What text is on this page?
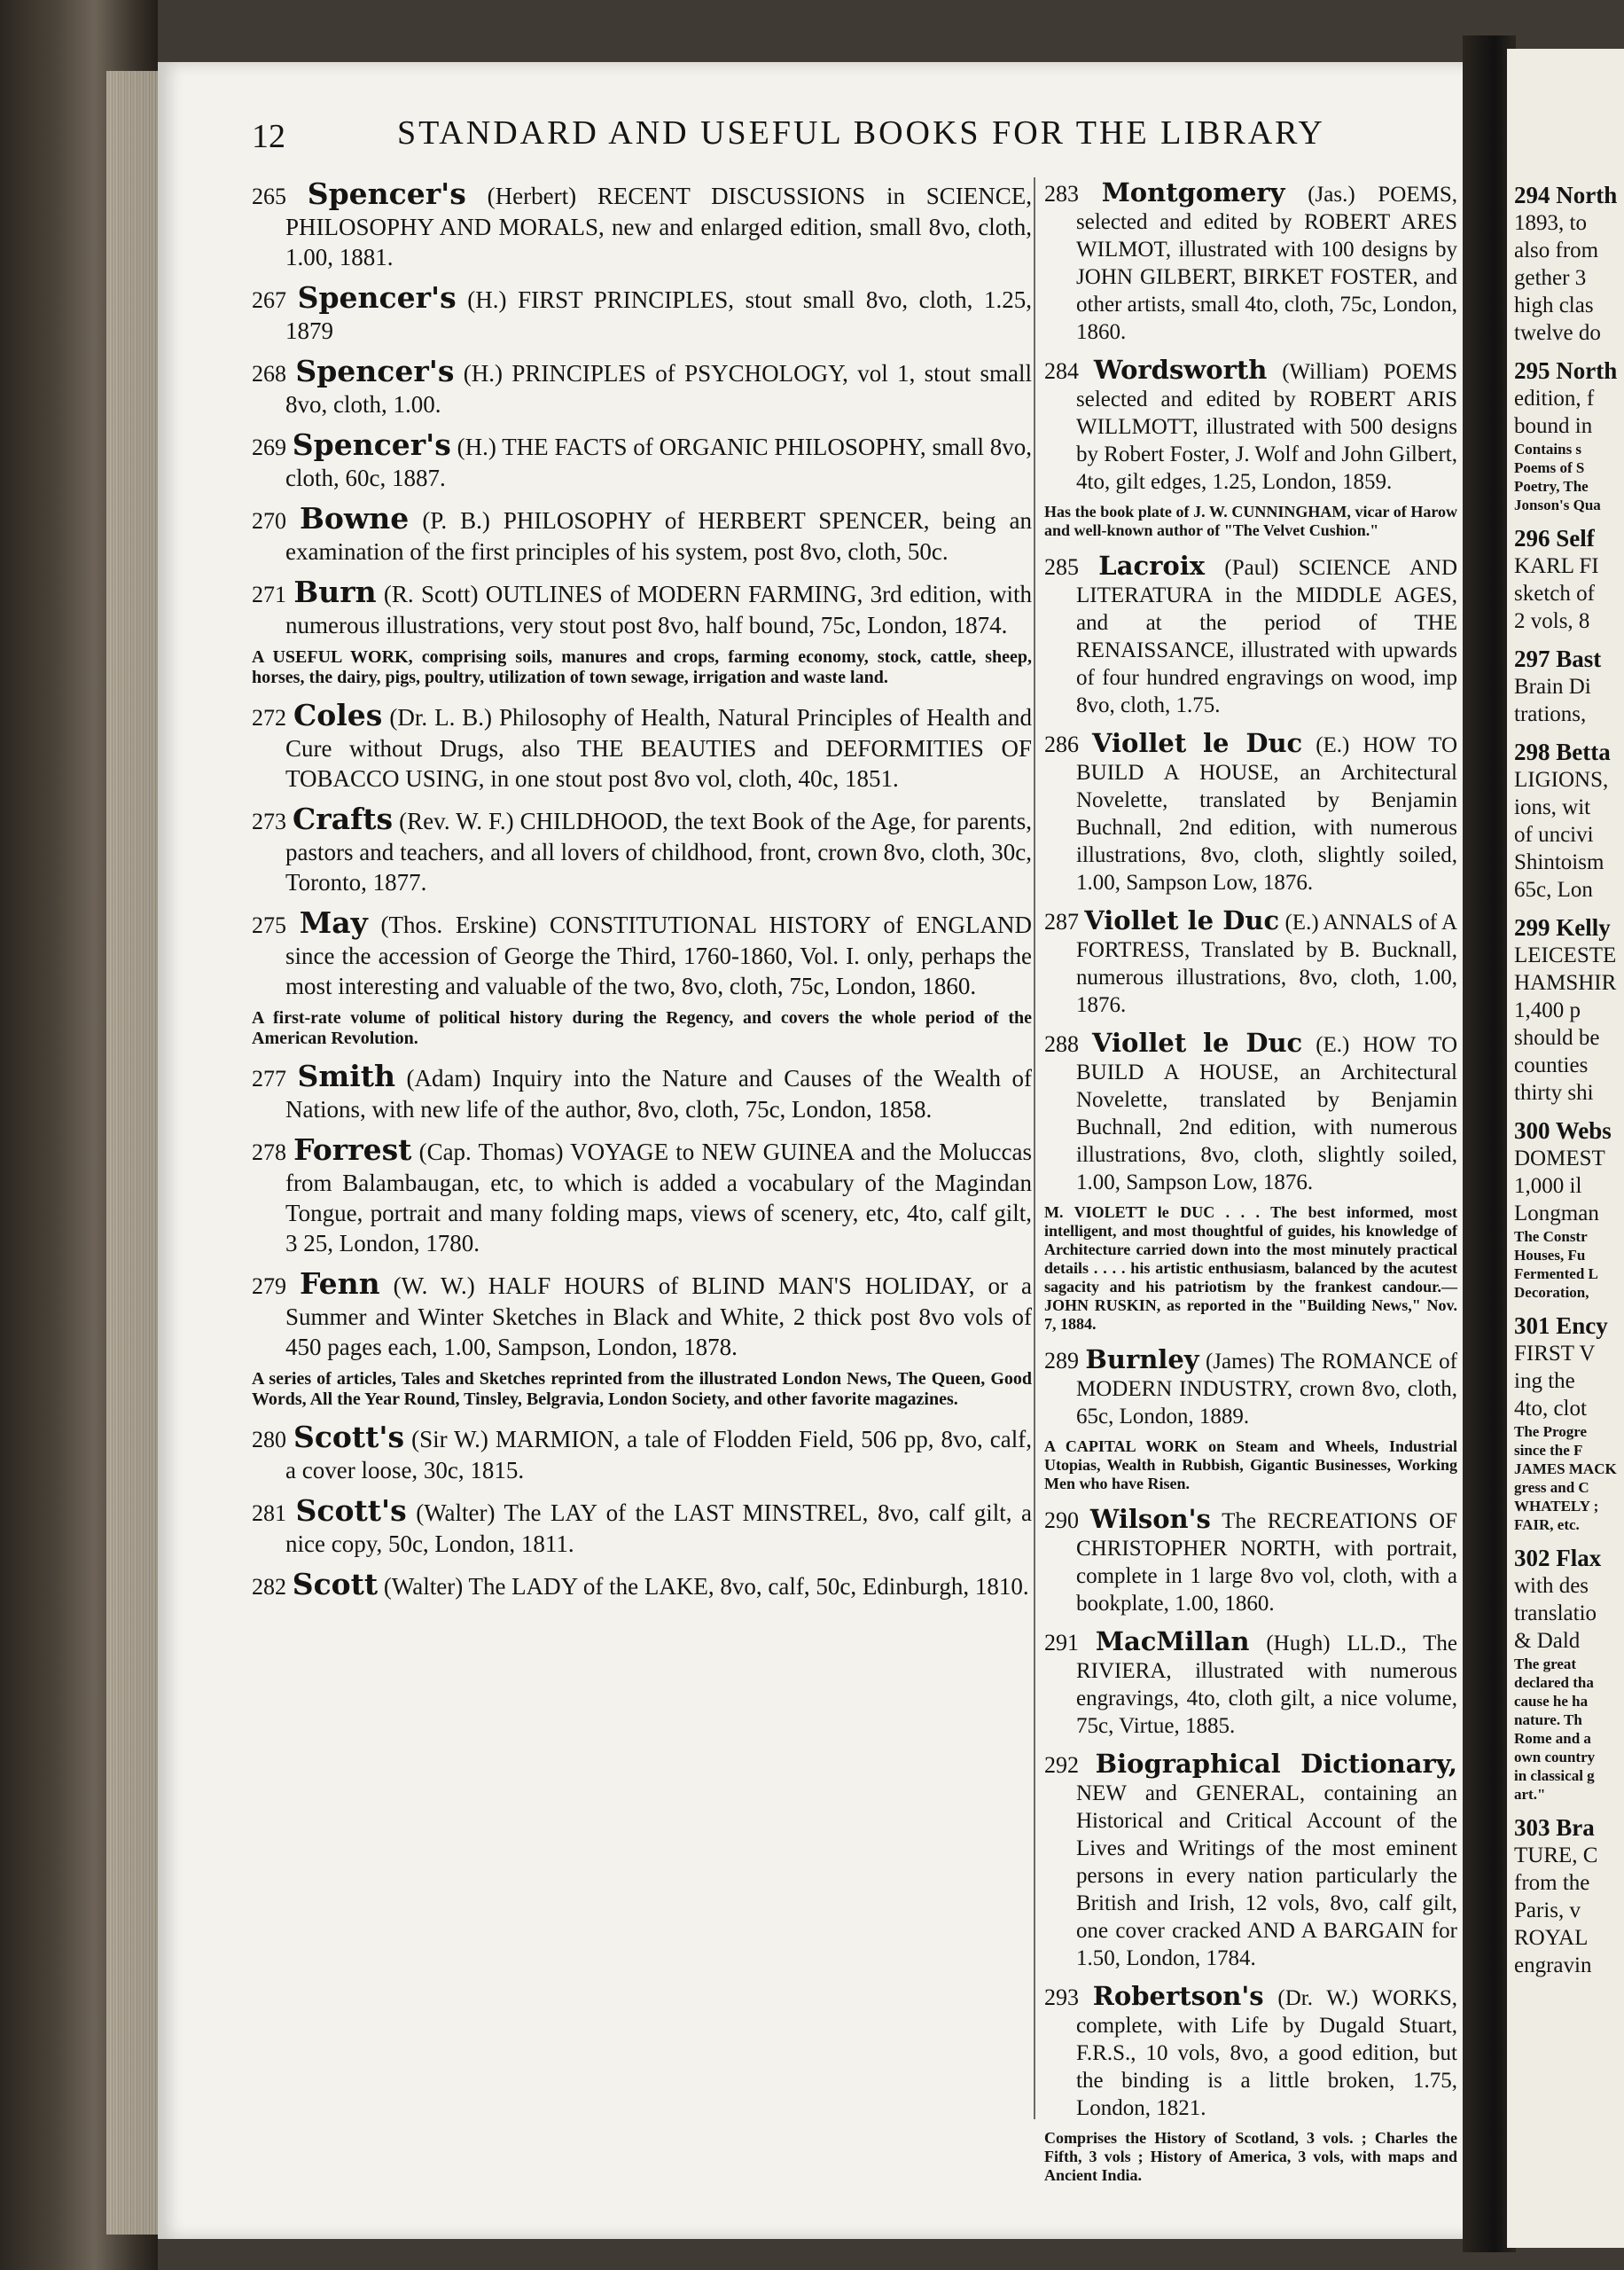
12	STANDARD AND USEFUL BOOKS FOR THE LIBRARY
265 Spencer's (Herbert) RECENT DISCUSSIONS in SCIENCE, PHILOSOPHY AND MORALS, new and enlarged edition, small 8vo, cloth, 1.00, 1881.
267 Spencer's (H.) FIRST PRINCIPLES, stout small 8vo, cloth, 1.25, 1879
268 Spencer's (H.) PRINCIPLES of PSYCHOLOGY, vol 1, stout small 8vo, cloth, 1.00.
269 Spencer's (H.) THE FACTS of ORGANIC PHILOSOPHY, small 8vo, cloth, 60c, 1887.
270 Bowne (P. B.) PHILOSOPHY of HERBERT SPENCER, being an examination of the first principles of his system, post 8vo, cloth, 50c.
271 Burn (R. Scott) OUTLINES of MODERN FARMING, 3rd edition, with numerous illustrations, very stout post 8vo, half bound, 75c, London, 1874.
A USEFUL WORK, comprising soils, manures and crops, farming economy, stock, cattle, sheep, horses, the dairy, pigs, poultry, utilization of town sewage, irrigation and waste land.
272 Coles (Dr. L. B.) Philosophy of Health, Natural Principles of Health and Cure without Drugs, also THE BEAUTIES and DEFORMITIES OF TOBACCO USING, in one stout post 8vo vol, cloth, 40c, 1851.
273 Crafts (Rev. W. F.) CHILDHOOD, the text Book of the Age, for parents, pastors and teachers, and all lovers of childhood, front, crown 8vo, cloth, 30c, Toronto, 1877.
275 May (Thos. Erskine) CONSTITUTIONAL HISTORY of ENGLAND since the accession of George the Third, 1760-1860, Vol. I. only, perhaps the most interesting and valuable of the two, 8vo, cloth, 75c, London, 1860.
A first-rate volume of political history during the Regency, and covers the whole period of the American Revolution.
277 Smith (Adam) Inquiry into the Nature and Causes of the Wealth of Nations, with new life of the author, 8vo, cloth, 75c, London, 1858.
278 Forrest (Cap. Thomas) VOYAGE to NEW GUINEA and the Moluccas from Balambaugan, etc, to which is added a vocabulary of the Magindan Tongue, portrait and many folding maps, views of scenery, etc, 4to, calf gilt, 3 25, London, 1780.
279 Fenn (W. W.) HALF HOURS of BLIND MAN'S HOLIDAY, or a Summer and Winter Sketches in Black and White, 2 thick post 8vo vols of 450 pages each, 1.00, Sampson, London, 1878.
A series of articles, Tales and Sketches reprinted from the illustrated London News, The Queen, Good Words, All the Year Round, Tinsley, Belgravia, London Society, and other favorite magazines.
280 Scott's (Sir W.) MARMION, a tale of Flodden Field, 506 pp, 8vo, calf, a cover loose, 30c, 1815.
281 Scott's (Walter) The LAY of the LAST MINSTREL, 8vo, calf gilt, a nice copy, 50c, London, 1811.
282 Scott (Walter) The LADY of the LAKE, 8vo, calf, 50c, Edinburgh, 1810.
283 Montgomery (Jas.) POEMS, selected and edited by ROBERT ARES WILMOT, illustrated with 100 designs by JOHN GILBERT, BIRKET FOSTER, and other artists, small 4to, cloth, 75c, London, 1860.
284 Wordsworth (William) POEMS selected and edited by ROBERT ARIS WILLMOTT, illustrated with 500 designs by Robert Foster, J. Wolf and John Gilbert, 4to, gilt edges, 1.25, London, 1859.
Has the book plate of J. W. CUNNINGHAM, vicar of Harow and well-known author of "The Velvet Cushion."
285 Lacroix (Paul) SCIENCE AND LITERATURA in the MIDDLE AGES, and at the period of THE RENAISSANCE, illustrated with upwards of four hundred engravings on wood, imp 8vo, cloth, 1.75.
286 Viollet le Duc (E.) HOW TO BUILD A HOUSE, an Architectural Novelette, translated by Benjamin Buchnall, 2nd edition, with numerous illustrations, 8vo, cloth, slightly soiled, 1.00, Sampson Low, 1876.
287 Viollet le Duc (E.) ANNALS of A FORTRESS, Translated by B. Bucknall, numerous illustrations, 8vo, cloth, 1.00, 1876.
288 Viollet le Duc (E.) HOW TO BUILD A HOUSE, an Architectural Novelette, translated by Benjamin Buchnall, 2nd edition, with numerous illustrations, 8vo, cloth, slightly soiled, 1.00, Sampson Low, 1876.
M. VIOLETT le DUC . . . The best informed, most intelligent, and most thoughtful of guides, his knowledge of Architecture carried down into the most minutely practical details . . . . his artistic enthusiasm, balanced by the acutest sagacity and his patriotism by the frankest candour.—JOHN RUSKIN, as reported in the "Building News," Nov. 7, 1884.
289 Burnley (James) The ROMANCE of MODERN INDUSTRY, crown 8vo, cloth, 65c, London, 1889.
A CAPITAL WORK on Steam and Wheels, Industrial Utopias, Wealth in Rubbish, Gigantic Businesses, Working Men who have Risen.
290 Wilson's The RECREATIONS OF CHRISTOPHER NORTH, with portrait, complete in 1 large 8vo vol, cloth, with a bookplate, 1.00, 1860.
291 MacMillan (Hugh) LL.D., The RIVIERA, illustrated with numerous engravings, 4to, cloth gilt, a nice volume, 75c, Virtue, 1885.
292 Biographical Dictionary, NEW and GENERAL, containing an Historical and Critical Account of the Lives and Writings of the most eminent persons in every nation particularly the British and Irish, 12 vols, 8vo, calf gilt, one cover cracked AND A BARGAIN for 1.50, London, 1784.
293 Robertson's (Dr. W.) WORKS, complete, with Life by Dugald Stuart, F.R.S., 10 vols, 8vo, a good edition, but the binding is a little broken, 1.75, London, 1821.
Comprises the History of Scotland, 3 vols. ; Charles the Fifth, 3 vols ; History of America, 3 vols, with maps and Ancient India.
294 North
1893, to
also from
gether 3
high clas
twelve do
295 North
edition, f
bound in
Contains s
Poems of S
Poetry, The
Jonson's Qua
296 Self
KARL FI
sketch of
2 vols, 8
297 Bast
Brain Di
trations,
298 Betta
LIGIONS,
ions, wit
of uncivi
Shintoism
65c, Lon
299 Kelly
LEICESTE
HAMSHIR
1,400 p
should be
counties
thirty shi
300 Webs
DOMEST
1,000 il
Longman
The Constr
Houses, Fu
Fermented L
Decoration,
301 Ency
FIRST V
ing the
4to, clot
The Progre
since the F
JAMES MACK
gress and C
WHATELY ;
FAIR, etc.
302 Flax
with des
translatio
& Dald
The great
declared tha
cause he ha
nature. Th
Rome and a
own country
in classical g
art."
303 Bra
TURE, C
from the
Paris, v
ROYAL
engravin
